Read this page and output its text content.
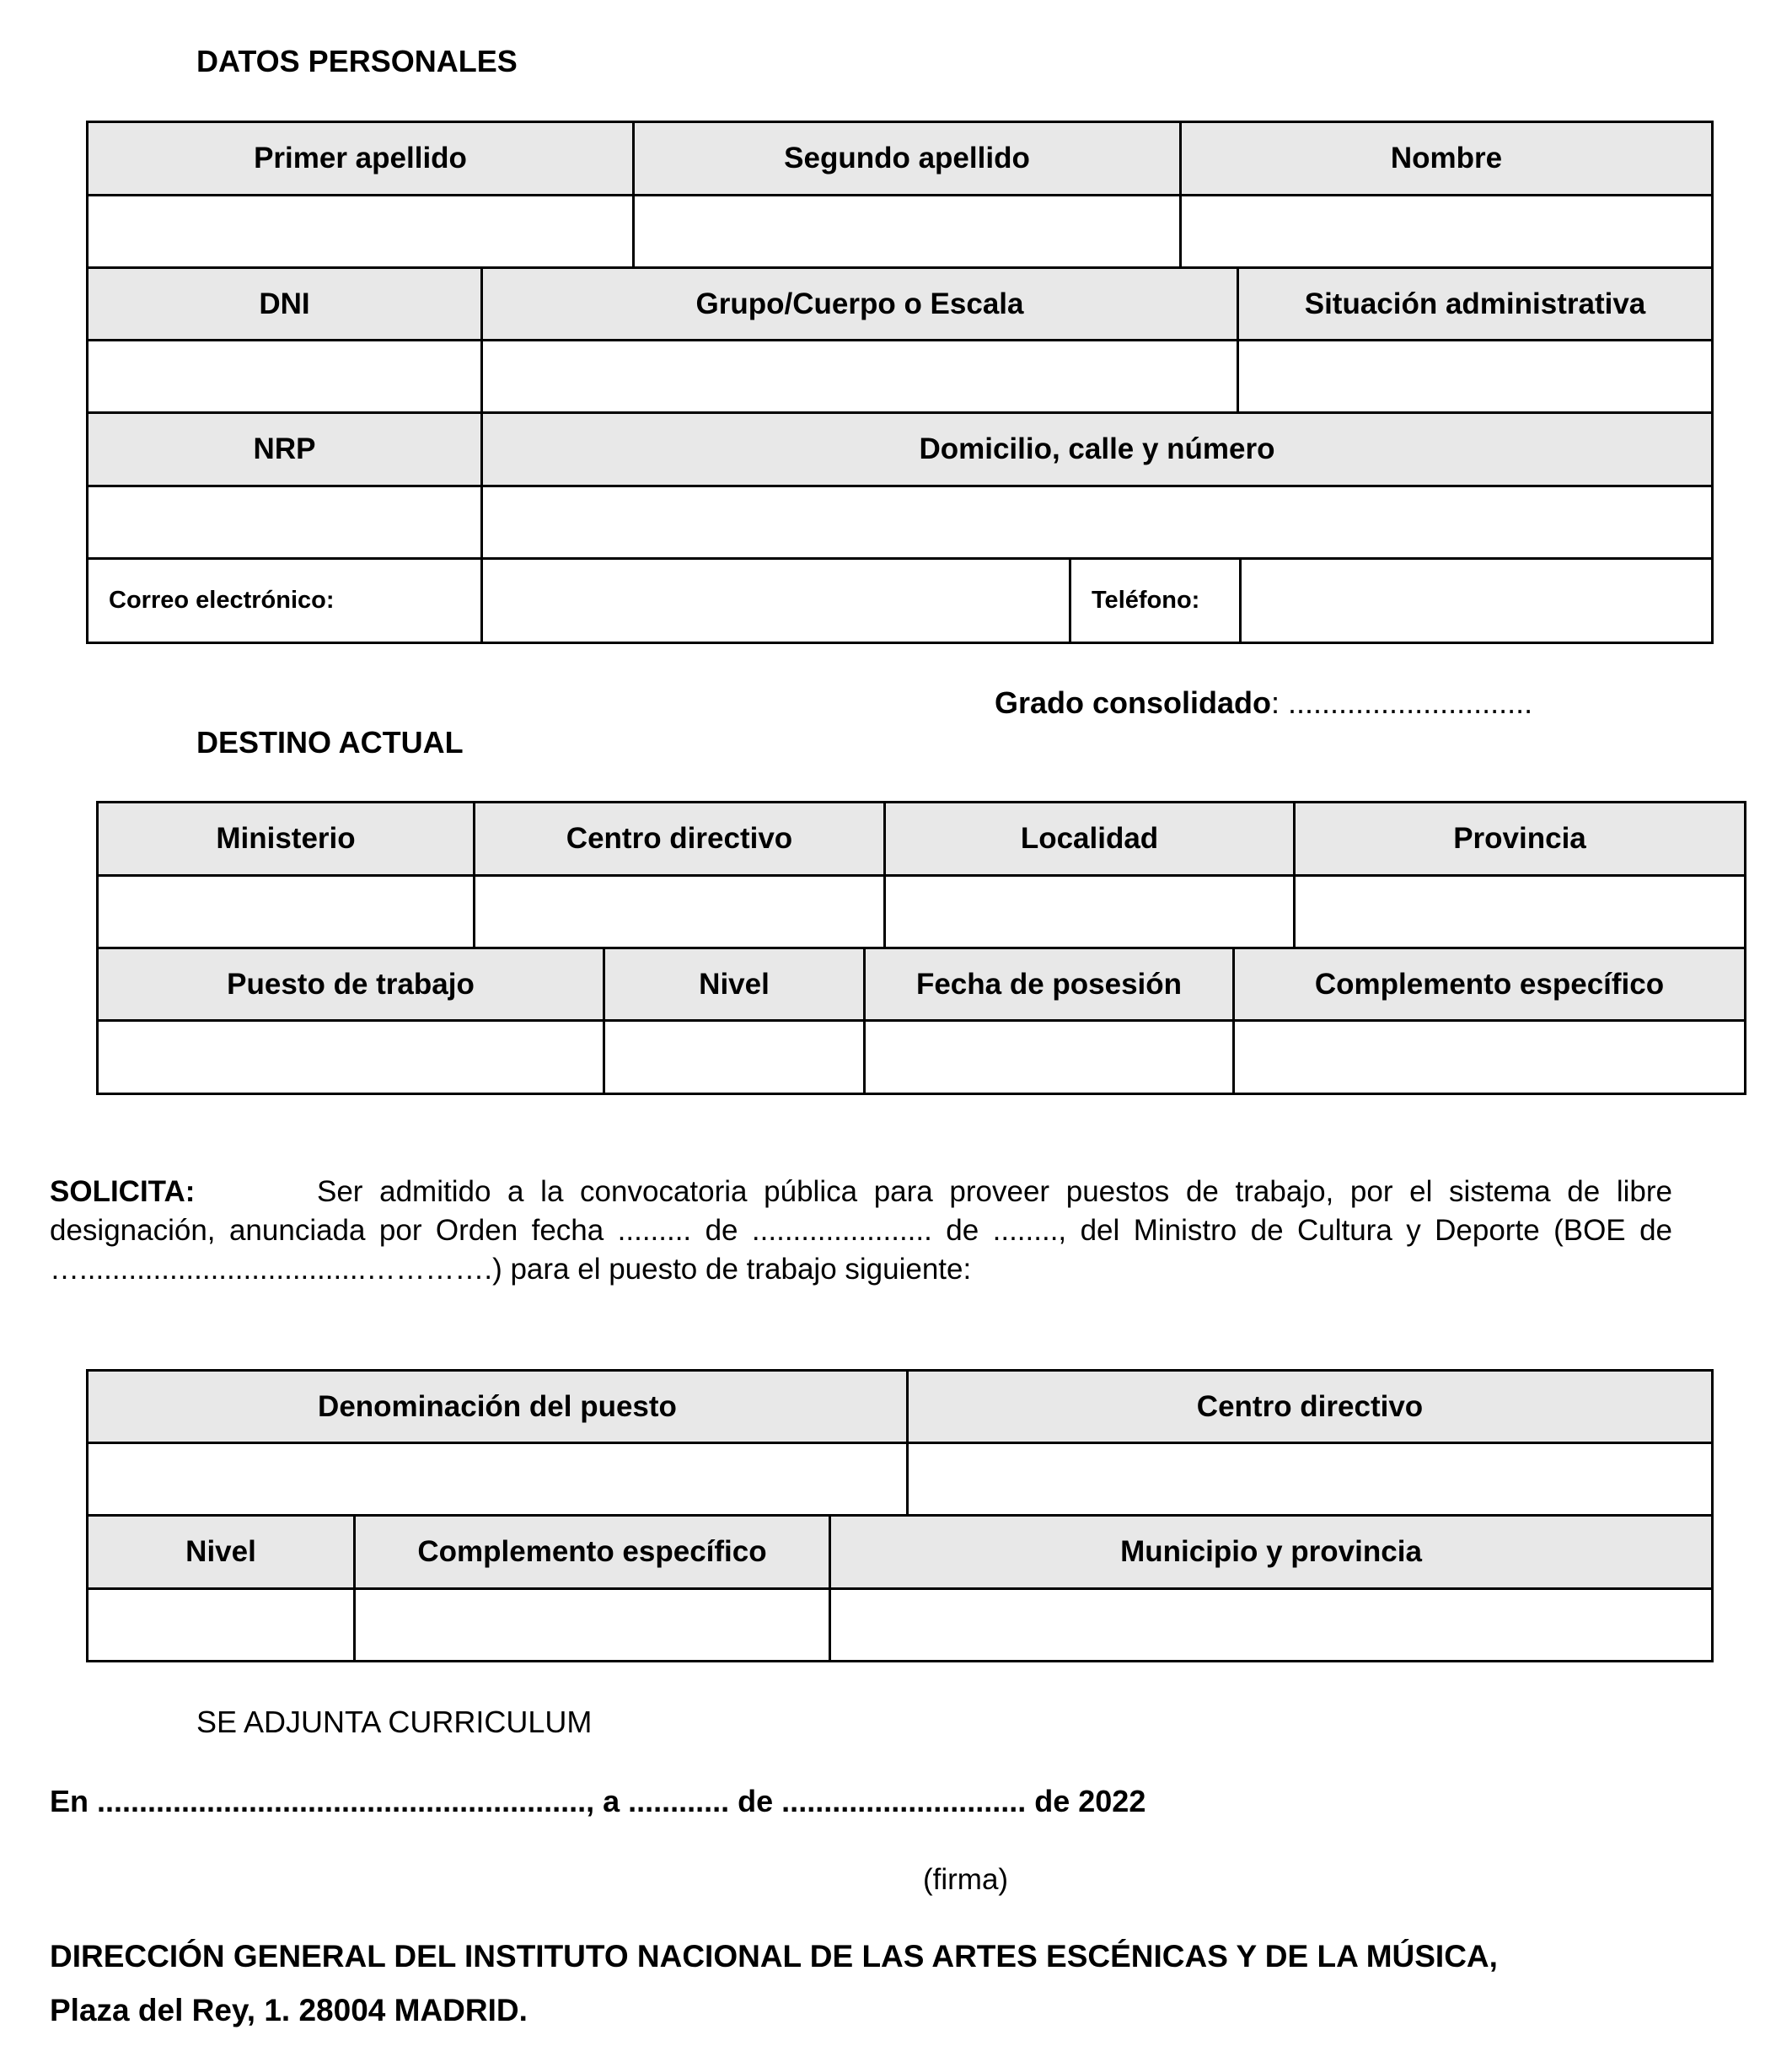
DATOS PERSONALES
Primer apellido	Segundo apellido	Nombre

DNI	Grupo/Cuerpo o Escala	Situación administrativa

NRP	Domicilio, calle y número

Correo electrónico:		Teléfono:	
Grado consolidado: .............................
DESTINO ACTUAL
Ministerio	Centro directivo	Localidad	Provincia

Puesto de trabajo	Nivel	Fecha de posesión	Complemento específico

SOLICITA:	Ser admitido a la convocatoria pública para proveer puestos de trabajo, por el sistema de libre designación, anunciada por Orden fecha ......... de ...................... de ........, del Ministro de Cultura y Deporte (BOE de …...................................………….) para el puesto de trabajo siguiente:
Denominación del puesto	Centro directivo

Nivel	Complemento específico	Municipio y provincia

SE ADJUNTA CURRICULUM
En .........................................................., a ............ de ............................. de 2022
(firma)
DIRECCIÓN GENERAL DEL INSTITUTO NACIONAL DE LAS ARTES ESCÉNICAS Y DE LA MÚSICA,
Plaza del Rey, 1. 28004 MADRID.
